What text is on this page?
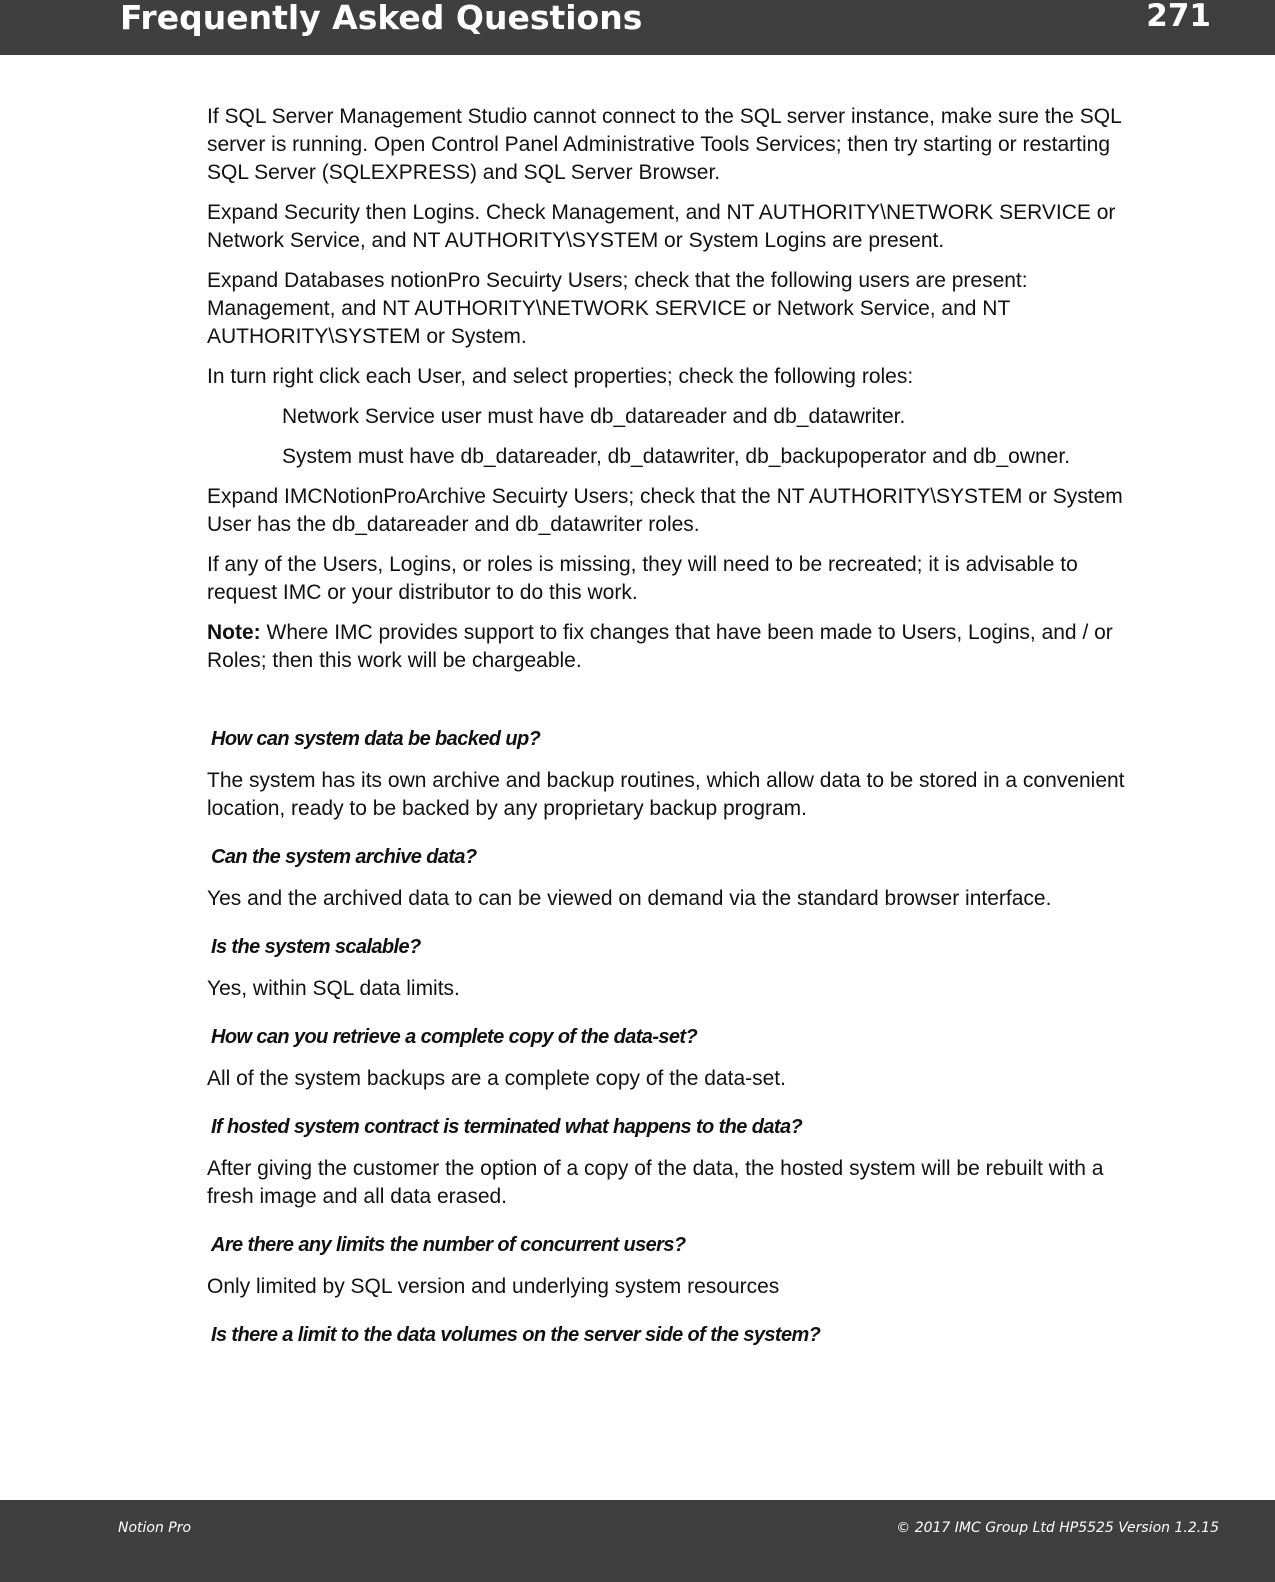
Frequently Asked Questions	271

If SQL Server Management Studio cannot connect to the SQL server instance, make sure the SQL server is running. Open Control Panel Administrative Tools Services; then try starting or restarting SQL Server (SQLEXPRESS) and SQL Server Browser.

Expand Security then Logins. Check Management, and NT AUTHORITY\NETWORK SERVICE or Network Service, and NT AUTHORITY\SYSTEM or System Logins are present.

Expand Databases notionPro Secuirty Users; check that the following users are present: Management, and NT AUTHORITY\NETWORK SERVICE or Network Service, and NT AUTHORITY\SYSTEM or System.

In turn right click each User, and select properties; check the following roles:

Network Service user must have db_datareader and db_datawriter.

System must have db_datareader, db_datawriter, db_backupoperator and db_owner.

Expand IMCNotionProArchive Secuirty Users; check that the NT AUTHORITY\SYSTEM or System User has the db_datareader and db_datawriter roles.

If any of the Users, Logins, or roles is missing, they will need to be recreated; it is advisable to request IMC or your distributor to do this work.

Note: Where IMC provides support to fix changes that have been made to Users, Logins, and / or Roles; then this work will be chargeable.

How can system data be backed up?

The system has its own archive and backup routines, which allow data to be stored in a convenient location, ready to be backed by any proprietary backup program.

Can the system archive data?

Yes and the archived data to can be viewed on demand via the standard browser interface.

Is the system scalable?

Yes, within SQL data limits.

How can you retrieve a complete copy of the data-set?

All of the system backups are a complete copy of the data-set.

If hosted system contract is terminated what happens to the data?

After giving the customer the option of a copy of the data, the hosted system will be rebuilt with a fresh image and all data erased.

Are there any limits the number of concurrent users?

Only limited by SQL version and underlying system resources

Is there a limit to the data volumes on the server side of the system?
Notion Pro	© 2017 IMC Group Ltd HP5525 Version 1.2.15
